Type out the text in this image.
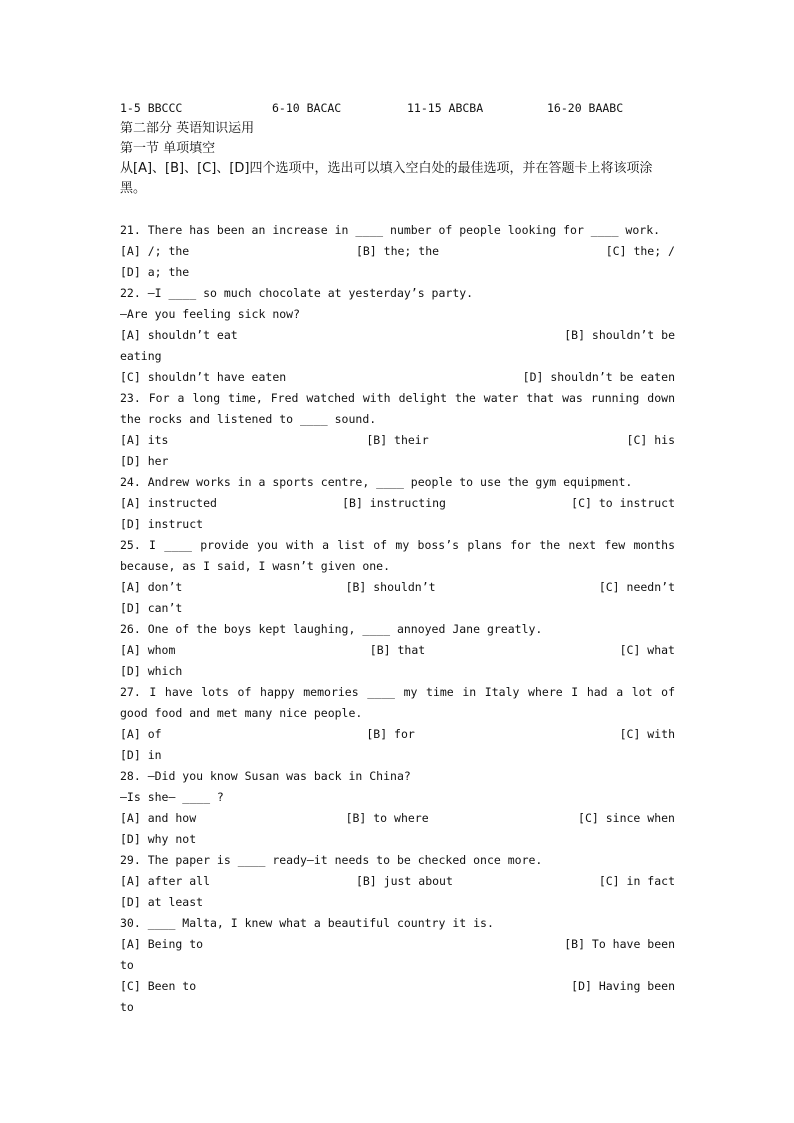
1-5 BBCCC	6-10 BACAC	11-15 ABCBA	16-20 BAABC
第二部分 英语知识运用
第一节 单项填空
从[A]、[B]、[C]、[D]四个选项中，选出可以填入空白处的最佳选项，并在答题卡上将该项涂黑。
21. There has been an increase in ____ number of people looking for ____ work.
[A] /; the	[B] the; the	[C] the; /
[D] a; the
22. —I ____ so much chocolate at yesterday’s party.
—Are you feeling sick now?
[A] shouldn’t eat	[B] shouldn’t be
eating
[C] shouldn’t have eaten	[D] shouldn’t be eaten
23. For a long time, Fred watched with delight the water that was running down the rocks and listened to ____ sound.
[A] its	[B] their	[C] his
[D] her
24. Andrew works in a sports centre, ____ people to use the gym equipment.
[A] instructed	[B] instructing	[C] to instruct
[D] instruct
25. I ____ provide you with a list of my boss’s plans for the next few months because, as I said, I wasn’t given one.
[A] don’t	[B] shouldn’t	[C] needn’t
[D] can’t
26. One of the boys kept laughing, ____ annoyed Jane greatly.
[A] whom	[B] that	[C] what
[D] which
27. I have lots of happy memories ____ my time in Italy where I had a lot of good food and met many nice people.
[A] of	[B] for	[C] with
[D] in
28. —Did you know Susan was back in China?
—Is she— ____ ?
[A] and how	[B] to where	[C] since when
[D] why not
29. The paper is ____ ready—it needs to be checked once more.
[A] after all	[B] just about	[C] in fact
[D] at least
30. ____ Malta, I knew what a beautiful country it is.
[A] Being to	[B] To have been
to
[C] Been to	[D] Having been
to
